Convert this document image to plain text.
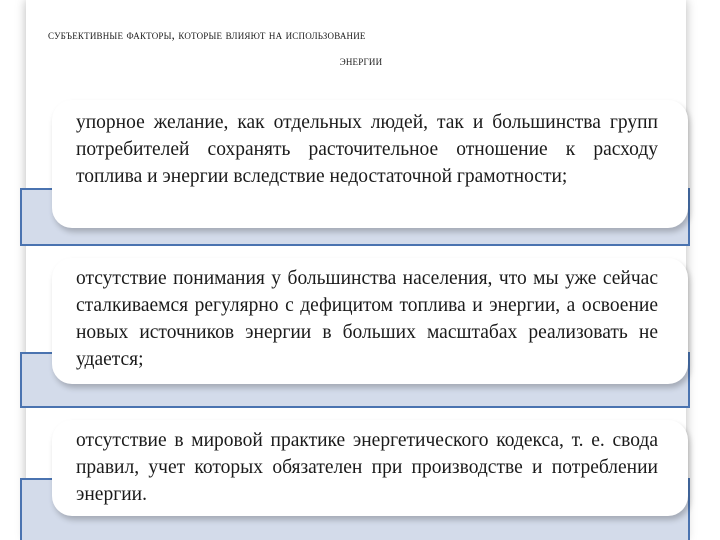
субъективные факторы, которые влияют на использование
энергии
упорное желание, как отдельных людей, так и большинства групп потребителей сохранять расточительное отношение к расходу топлива и энергии вследствие недостаточной грамотности;
отсутствие понимания у большинства населения, что мы уже сейчас сталкиваемся регулярно с дефицитом топлива и энергии, а освоение новых источников энергии в больших масштабах реализовать не удается;
отсутствие в мировой практике энергетического кодекса, т. е. свода правил, учет которых обязателен при производстве и потреблении энергии.
